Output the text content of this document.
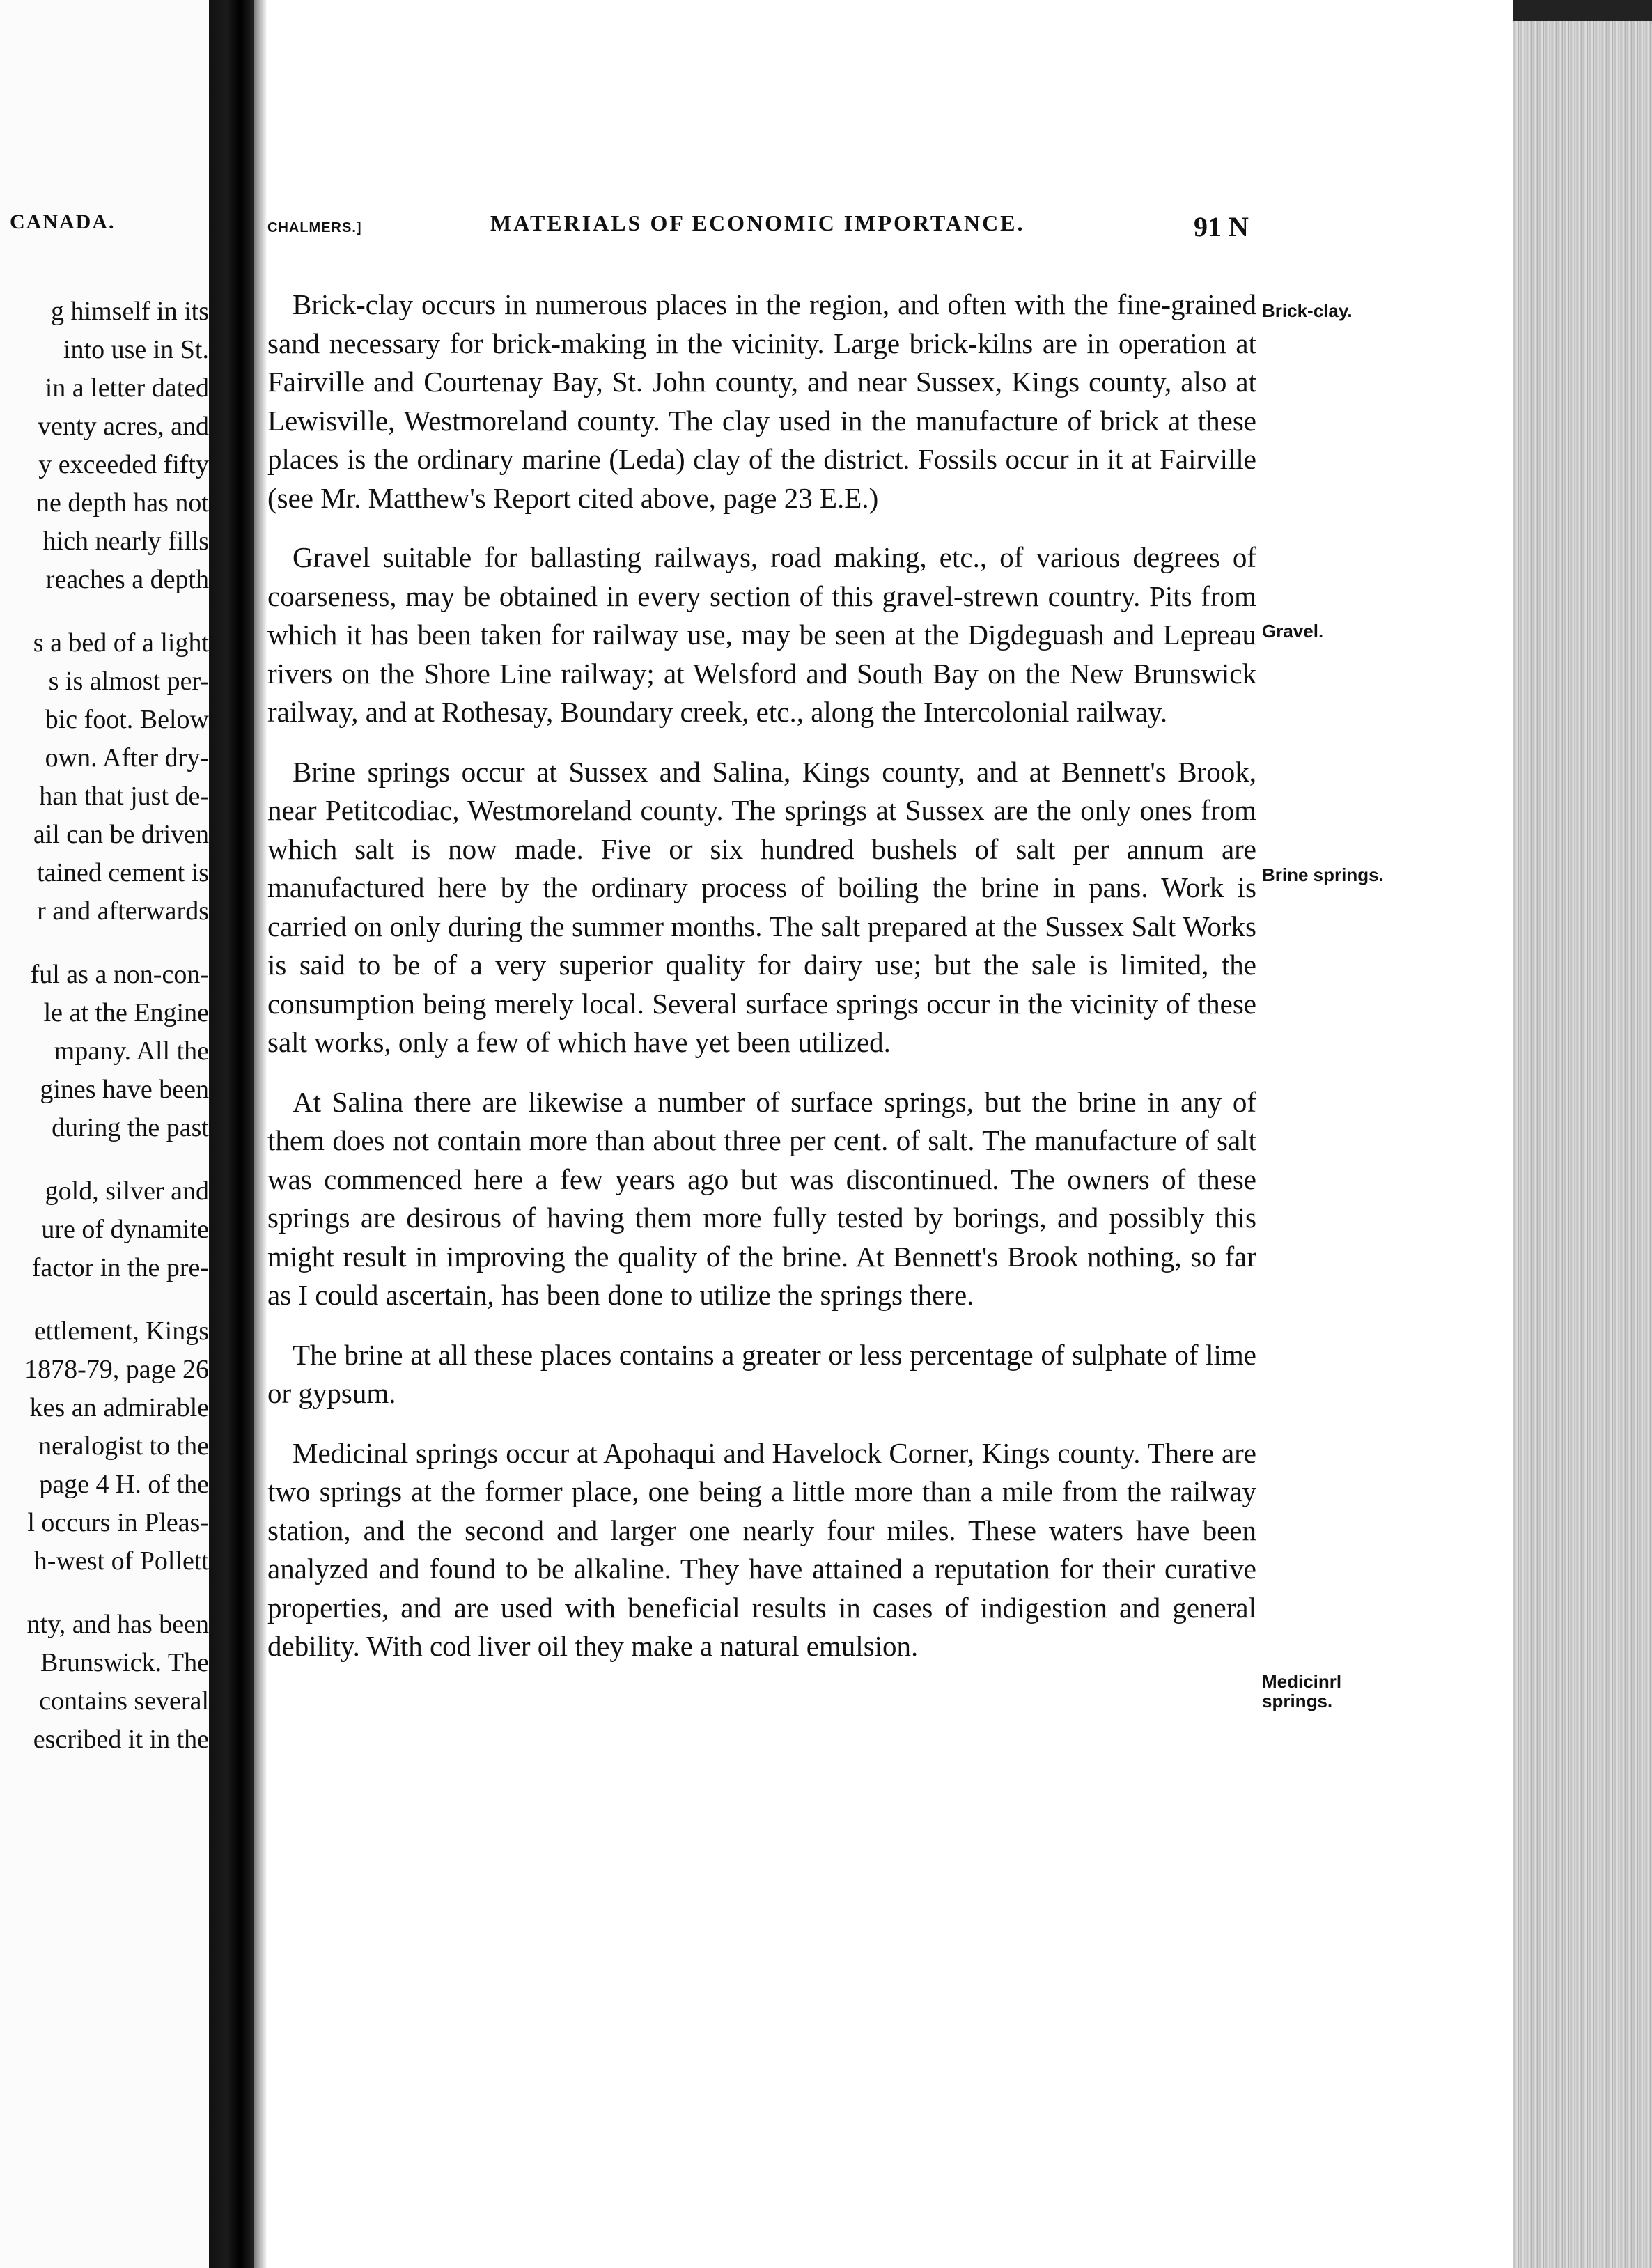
CANADA.
g himself in its
into use in St.
in a letter dated
venty acres, and
y exceeded fifty
ne depth has not
hich nearly fills
reaches a depth
s a bed of a light
s is almost per-
bic foot. Below
own. After dry-
han that just de-
ail can be driven
tained cement is
r and afterwards
ful as a non-con-
le at the Engine
mpany. All the
gines have been
during the past
gold, silver and
ure of dynamite
factor in the pre-
ettlement, Kings
1878-79, page 26
kes an admirable
neralogist to the
page 4 H. of the
l occurs in Pleas-
h-west of Pollett
nty, and has been
Brunswick. The
contains several
escribed it in the
CHALMERS.]	MATERIALS OF ECONOMIC IMPORTANCE.	91 N

Brick-clay occurs in numerous places in the region, and often with the fine-grained sand necessary for brick-making in the vicinity. Large brick-kilns are in operation at Fairville and Courtenay Bay, St. John county, and near Sussex, Kings county, also at Lewisville, Westmoreland county. The clay used in the manufacture of brick at these places is the ordinary marine (Leda) clay of the district. Fossils occur in it at Fairville (see Mr. Matthew's Report cited above, page 23 E.E.)

Gravel suitable for ballasting railways, road making, etc., of various degrees of coarseness, may be obtained in every section of this gravel-strewn country. Pits from which it has been taken for railway use, may be seen at the Digdeguash and Lepreau rivers on the Shore Line railway; at Welsford and South Bay on the New Brunswick railway, and at Rothesay, Boundary creek, etc., along the Intercolonial railway.

Brine springs occur at Sussex and Salina, Kings county, and at Bennett's Brook, near Petitcodiac, Westmoreland county. The springs at Sussex are the only ones from which salt is now made. Five or six hundred bushels of salt per annum are manufactured here by the ordinary process of boiling the brine in pans. Work is carried on only during the summer months. The salt prepared at the Sussex Salt Works is said to be of a very superior quality for dairy use; but the sale is limited, the consumption being merely local. Several surface springs occur in the vicinity of these salt works, only a few of which have yet been utilized.

At Salina there are likewise a number of surface springs, but the brine in any of them does not contain more than about three per cent. of salt. The manufacture of salt was commenced here a few years ago but was discontinued. The owners of these springs are desirous of having them more fully tested by borings, and possibly this might result in improving the quality of the brine. At Bennett's Brook nothing, so far as I could ascertain, has been done to utilize the springs there.

The brine at all these places contains a greater or less percentage of sulphate of lime or gypsum.

Medicinal springs occur at Apohaqui and Havelock Corner, Kings county. There are two springs at the former place, one being a little more than a mile from the railway station, and the second and larger one nearly four miles. These waters have been analyzed and found to be alkaline. They have attained a reputation for their curative properties, and are used with beneficial results in cases of indigestion and general debility. With cod liver oil they make a natural emulsion.

Brick-clay.
Gravel.
Brine springs.
Medicinrl springs.
